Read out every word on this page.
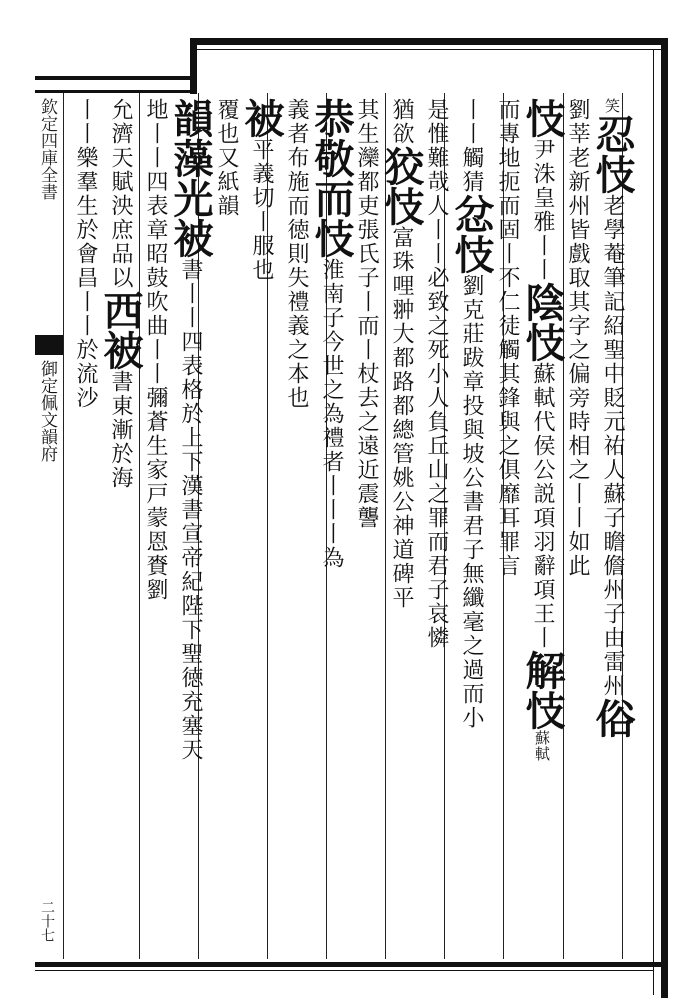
欽定四庫全書
御定佩文韻府
二十七
笑忍忮老學菴筆記紹聖中貶元祐人蘇子瞻儋州子由雷州俗
劉莘老新州皆戲取其字之偏旁時相之丨丨如此
忮尹洙皇雅丨丨陰忮蘇軾代侯公説項羽辭項王丨解忮蘇軾
而專地扼而固丨不仁徒觸其鋒與之俱靡耳罪言
丨丨觸猜忿忮劉克莊跋章投與坡公書君子無纖毫之過而小
是惟難哉人丨丨必致之死小人負丘山之罪而君子哀憐
猶欲狡忮富珠哩翀大都路都總管姚公神道碑平
其生灤都吏張氏子丨而丨杖去之遠近震讋
恭敬而忮淮南子今世之為禮者丨丨丨為
義者布施而徳則失禮義之本也
被平義切丨服也
覆也又紙韻
韻藻光被書丨丨四表格於上下漢書宣帝紀陛下聖徳充塞天
地丨丨四表章昭鼓吹曲丨丨彌蒼生家戸蒙恩賚劉
允濟天賦泱庶品以西被書東漸於海
丨丨樂羣生於會昌丨丨於流沙
